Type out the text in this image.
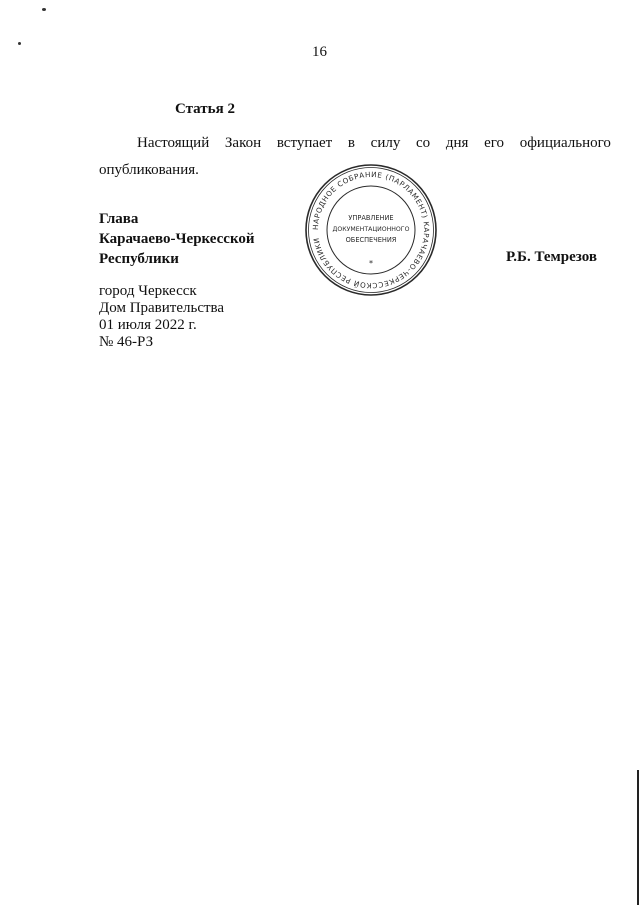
16
Статья 2
Настоящий Закон вступает в силу со дня его официального
опубликования.
Глава
Карачаево-Черкесской
Республики	Р.Б. Темрезов
НАРОДНОЕ СОБРАНИЕ (ПАРЛАМЕНТ) КАРАЧАЕВО-ЧЕРКЕССКОЙ РЕСПУБЛИКИ
УПРАВЛЕНИЕ
ДОКУМЕНТАЦИОННОГО
ОБЕСПЕЧЕНИЯ
*
город Черкесск
Дом Правительства
01 июля 2022 г.
№ 46-РЗ
